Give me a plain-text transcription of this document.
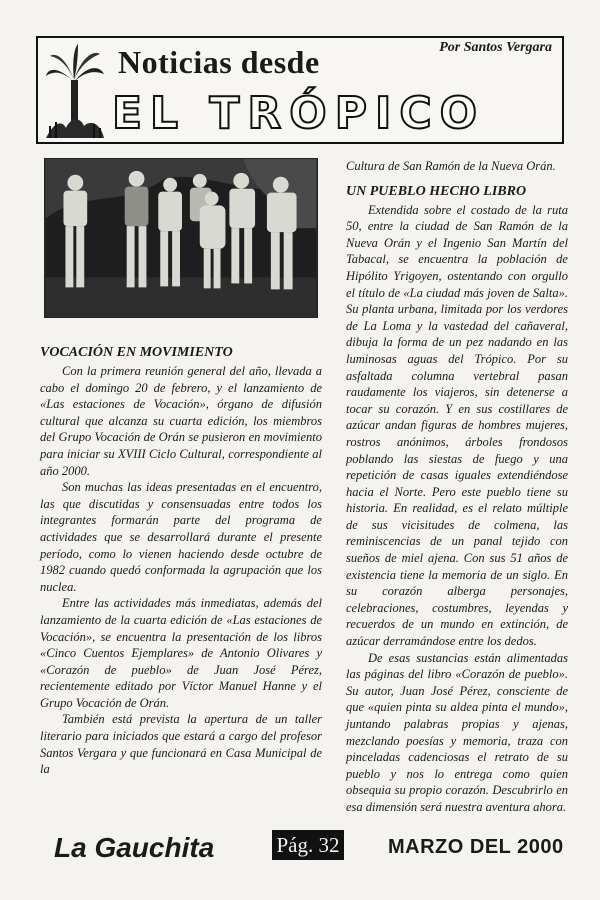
Por Santos Vergara
Noticias desde
EL TRÓPICO
VOCACIÓN EN MOVIMIENTO

Con la primera reunión general del año, llevada a cabo el domingo 20 de febrero, y el lanzamiento de «Las estaciones de Vocación», órgano de difusión cultural que alcanza su cuarta edición, los miembros del Grupo Vocación de Orán se pusieron en movimiento para iniciar su XVIII Ciclo Cultural, correspondiente al año 2000.

Son muchas las ideas presentadas en el encuentro, las que discutidas y consensuadas entre todos los integrantes formarán parte del programa de actividades que se desarrollará durante el presente período, como lo vienen haciendo desde octubre de 1982 cuando quedó conformada la agrupación que los nuclea.

Entre las actividades más inmediatas, además del lanzamiento de la cuarta edición de «Las estaciones de Vocación», se encuentra la presentación de los libros «Cinco Cuentos Ejemplares» de Antonio Olivares y «Corazón de pueblo» de Juan José Pérez, recientemente editado por Víctor Manuel Hanne y el Grupo Vocación de Orán.

También está prevista la apertura de un taller literario para iniciados que estará a cargo del profesor Santos Vergara y que funcionará en Casa Municipal de la

Cultura de San Ramón de la Nueva Orán.

UN PUEBLO HECHO LIBRO

Extendida sobre el costado de la ruta 50, entre la ciudad de San Ramón de la Nueva Orán y el Ingenio San Martín del Tabacal, se encuentra la población de Hipólito Yrigoyen, ostentando con orgullo el título de «La ciudad más joven de Salta». Su planta urbana, limitada por los verdores de La Loma y la vastedad del cañaveral, dibuja la forma de un pez nadando en las luminosas aguas del Trópico. Por su asfaltada columna vertebral pasan raudamente los viajeros, sin detenerse a tocar su corazón. Y en sus costillares de azúcar andan figuras de hombres mujeres, rostros anónimos, árboles frondosos poblando las siestas de fuego y una repetición de casas iguales extendiéndose hacia el Norte. Pero este pueblo tiene su historia. En realidad, es el relato múltiple de sus vicisitudes de colmena, las reminiscencias de un panal tejido con sueños de miel ajena. Con sus 51 años de existencia tiene la memoria de un siglo. En su corazón alberga personajes, celebraciones, costumbres, leyendas y recuerdos de un mundo en extinción, de azúcar derramándose entre los dedos.

De esas sustancias están alimentadas las páginas del libro «Corazón de pueblo». Su autor, Juan José Pérez, consciente de que «quien pinta su aldea pinta el mundo», juntando palabras propias y ajenas, mezclando poesías y memoria, traza con pinceladas cadenciosas el retrato de su pueblo y nos lo entrega como quien obsequia su propio corazón. Descubrirlo en esa dimensión será nuestra aventura ahora.

La Gauchita	Pág. 32 MARZO DEL 2000
